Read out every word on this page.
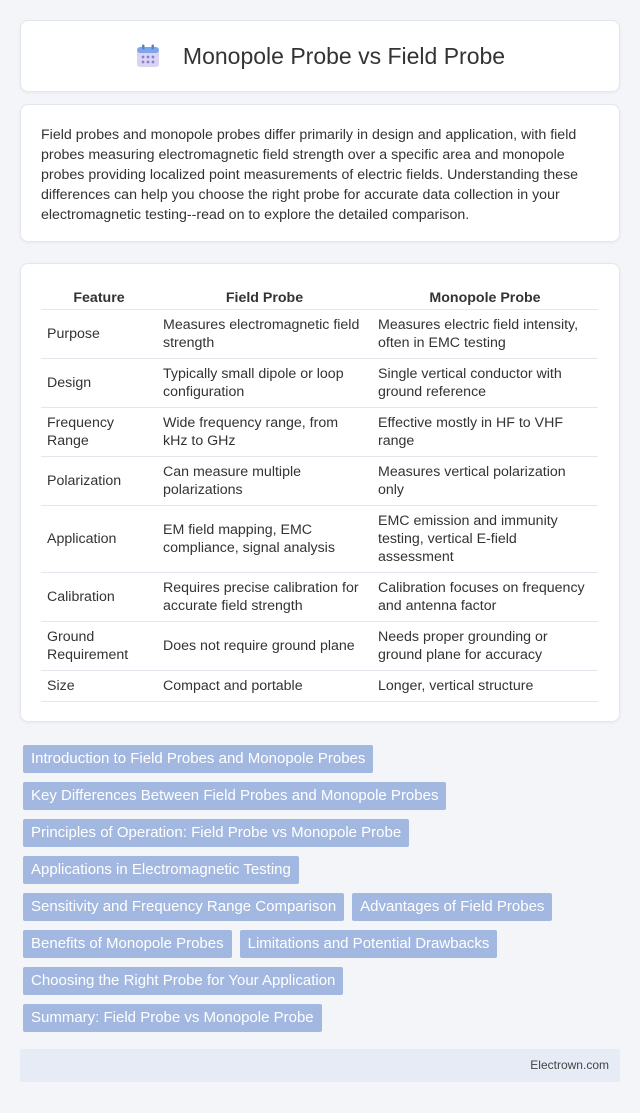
Monopole Probe vs Field Probe

Field probes and monopole probes differ primarily in design and application, with field probes measuring electromagnetic field strength over a specific area and monopole probes providing localized point measurements of electric fields. Understanding these differences can help you choose the right probe for accurate data collection in your electromagnetic testing--read on to explore the detailed comparison.

Feature	Field Probe	Monopole Probe
Purpose	Measures electromagnetic field strength	Measures electric field intensity, often in EMC testing
Design	Typically small dipole or loop configuration	Single vertical conductor with ground reference
Frequency Range	Wide frequency range, from kHz to GHz	Effective mostly in HF to VHF range
Polarization	Can measure multiple polarizations	Measures vertical polarization only
Application	EM field mapping, EMC compliance, signal analysis	EMC emission and immunity testing, vertical E-field assessment
Calibration	Requires precise calibration for accurate field strength	Calibration focuses on frequency and antenna factor
Ground Requirement	Does not require ground plane	Needs proper grounding or ground plane for accuracy
Size	Compact and portable	Longer, vertical structure
Introduction to Field Probes and Monopole Probes
Key Differences Between Field Probes and Monopole Probes
Principles of Operation: Field Probe vs Monopole Probe
Applications in Electromagnetic Testing
Sensitivity and Frequency Range Comparison	Advantages of Field Probes
Benefits of Monopole Probes	Limitations and Potential Drawbacks
Choosing the Right Probe for Your Application
Summary: Field Probe vs Monopole Probe
Electrown.com
